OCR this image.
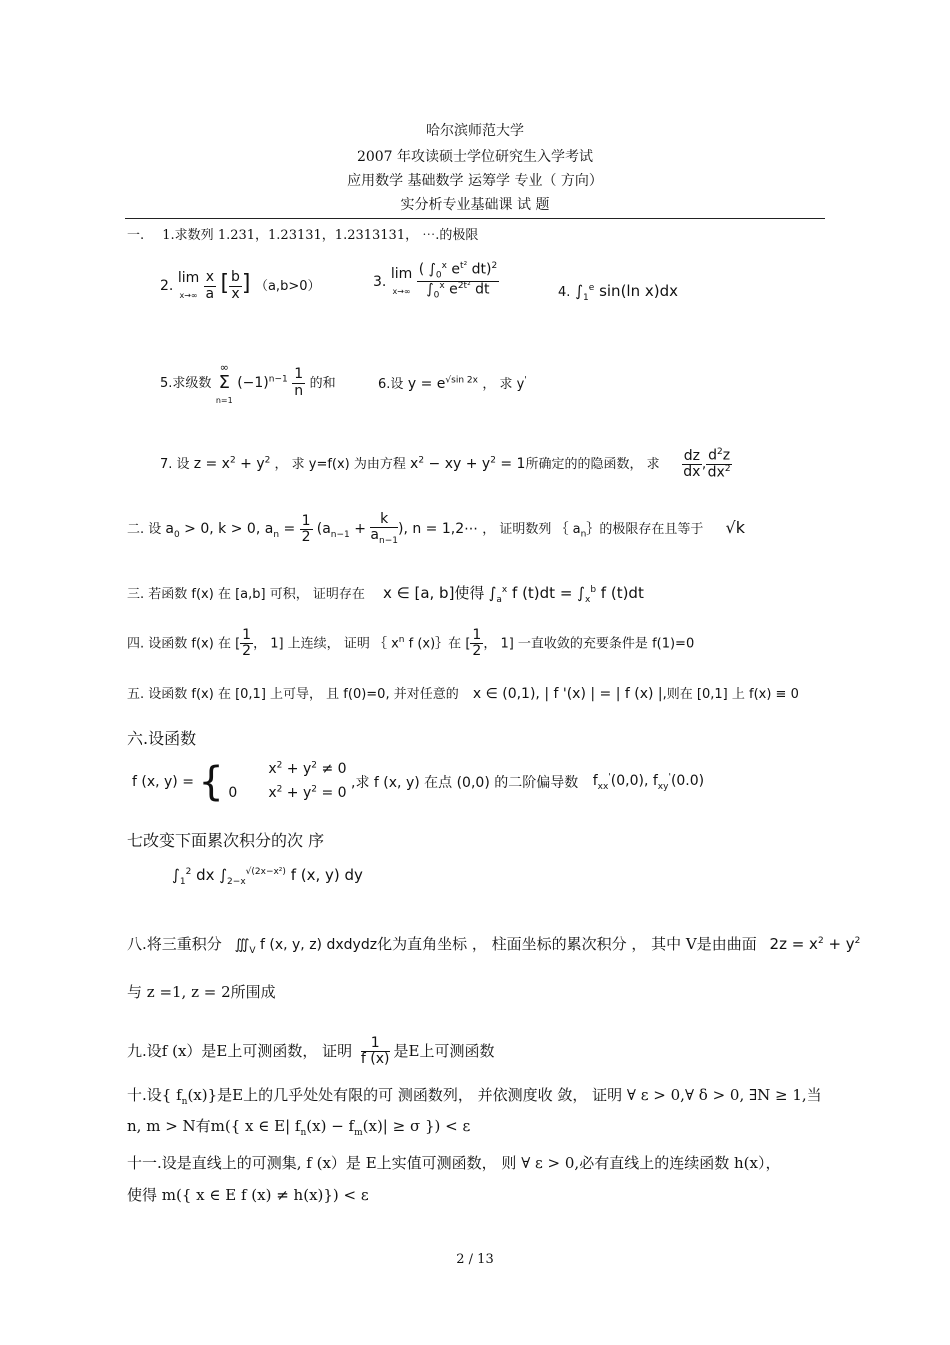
哈尔滨师范大学
2007 年攻读硕士学位研究生入学考试
应用数学 基础数学 运筹学 专业（ 方向）
实分析专业基础课 试 题
一. 1.求数列 1.231，1.23131，1.2313131， ⋯.的极限
2. lim
$x\to\infty \frac{x}{a}$ [ $\frac{b}{x}$ ] （a,b>0）	3. lim
$x\to\infty \frac{( \int_0^x e^{t^2} dt)^2}{\int_0^x e^{2t^2} dt}$	4. $\int_1^e$ sin(ln x)dx
5.求级数 ∞
Σ
n=1 $(-1)^{n-1} \frac{1}{n}$ 的和	6.设 $y = e^{√sin 2x}$ ， 求 y'
7. 设 $z = x^2 + y^2$ ， 求 y=f(x) 为由方程 $x^2$ − xy + $y^2 = 1$所确定的的隐函数， 求 $\frac{dz}{dx}$ , $\frac{d^2z}{dx^2}$
二. 设 $a_0 > 0$, k > 0, $a_n = \frac{1}{2} (a_{n-1} + \frac{k}{a_{n-1}}$ ), n = 1,2⋯ ， 证明数列 ｛ $a_n\}$的极限存在且等于 √k
三. 若函数 f(x) 在 [a,b] 可积， 证明存在 x ∈ [a, b]使得 $\int_a^x$ f $(t)dt = \int_x^b$ f (t)dt
四. 设函数 f(x) 在 [ $\frac{1}{2}$ ， 1] 上连续， 证明 ｛ $x^n$ f (x)｝在 [ $\frac{1}{2}$ ， 1] 一直收敛的充要条件是 f(1)=0
五. 设函数 f(x) 在 [0,1] 上可导， 且 f(0)=0, 并对任意的 x ∈ (0,1), | f '(x) | = | f (x) |,则在 [0,1] 上 f(x) ≡ 0
六.设函数
f (x, y) = {	$x^2 + y^2 \ne 0$
0 $x^2 + y^2 = 0$ ,求 f (x, y) 在点 (0,0) 的二阶偏导数 $f_{xx}'(0,0)$, $f_{xy}'(0.0)$
七改变下面累次积分的次 序
$\int_1^2$ dx $\int_{2-x}^{√(2x-x^2)}$ f (x, y) dy
八.将三重积分 $∭_V$ f (x, y, z) dxdydz化为直角坐标 ， 柱面坐标的累次积分 ， 其中 V是由曲面 $2z = x^2 + y^2$
与 z =1, z = 2所围成
九.设f (x）是E上可测函数， 证明 $\frac{1}{f (x)}$ 是E上可测函数
十.设{ $f_n(x)$}是E上的几乎处处有限的可 测函数列， 并依测度收 敛， 证明 ∀ ε > 0,∀ δ > 0, ∃N ≥ 1,当
n, m > N有m({ x ∈ E| $f_n(x) - f_m(x)| \ge \sigma$ }) < ε
十一.设是直线上的可测集, f (x）是 E上实值可测函数， 则 ∀ ε > 0,必有直线上的连续函数 h(x），
使得 m({ x ∈ E f (x) ≠ h(x)}) < ε
2 / 13
